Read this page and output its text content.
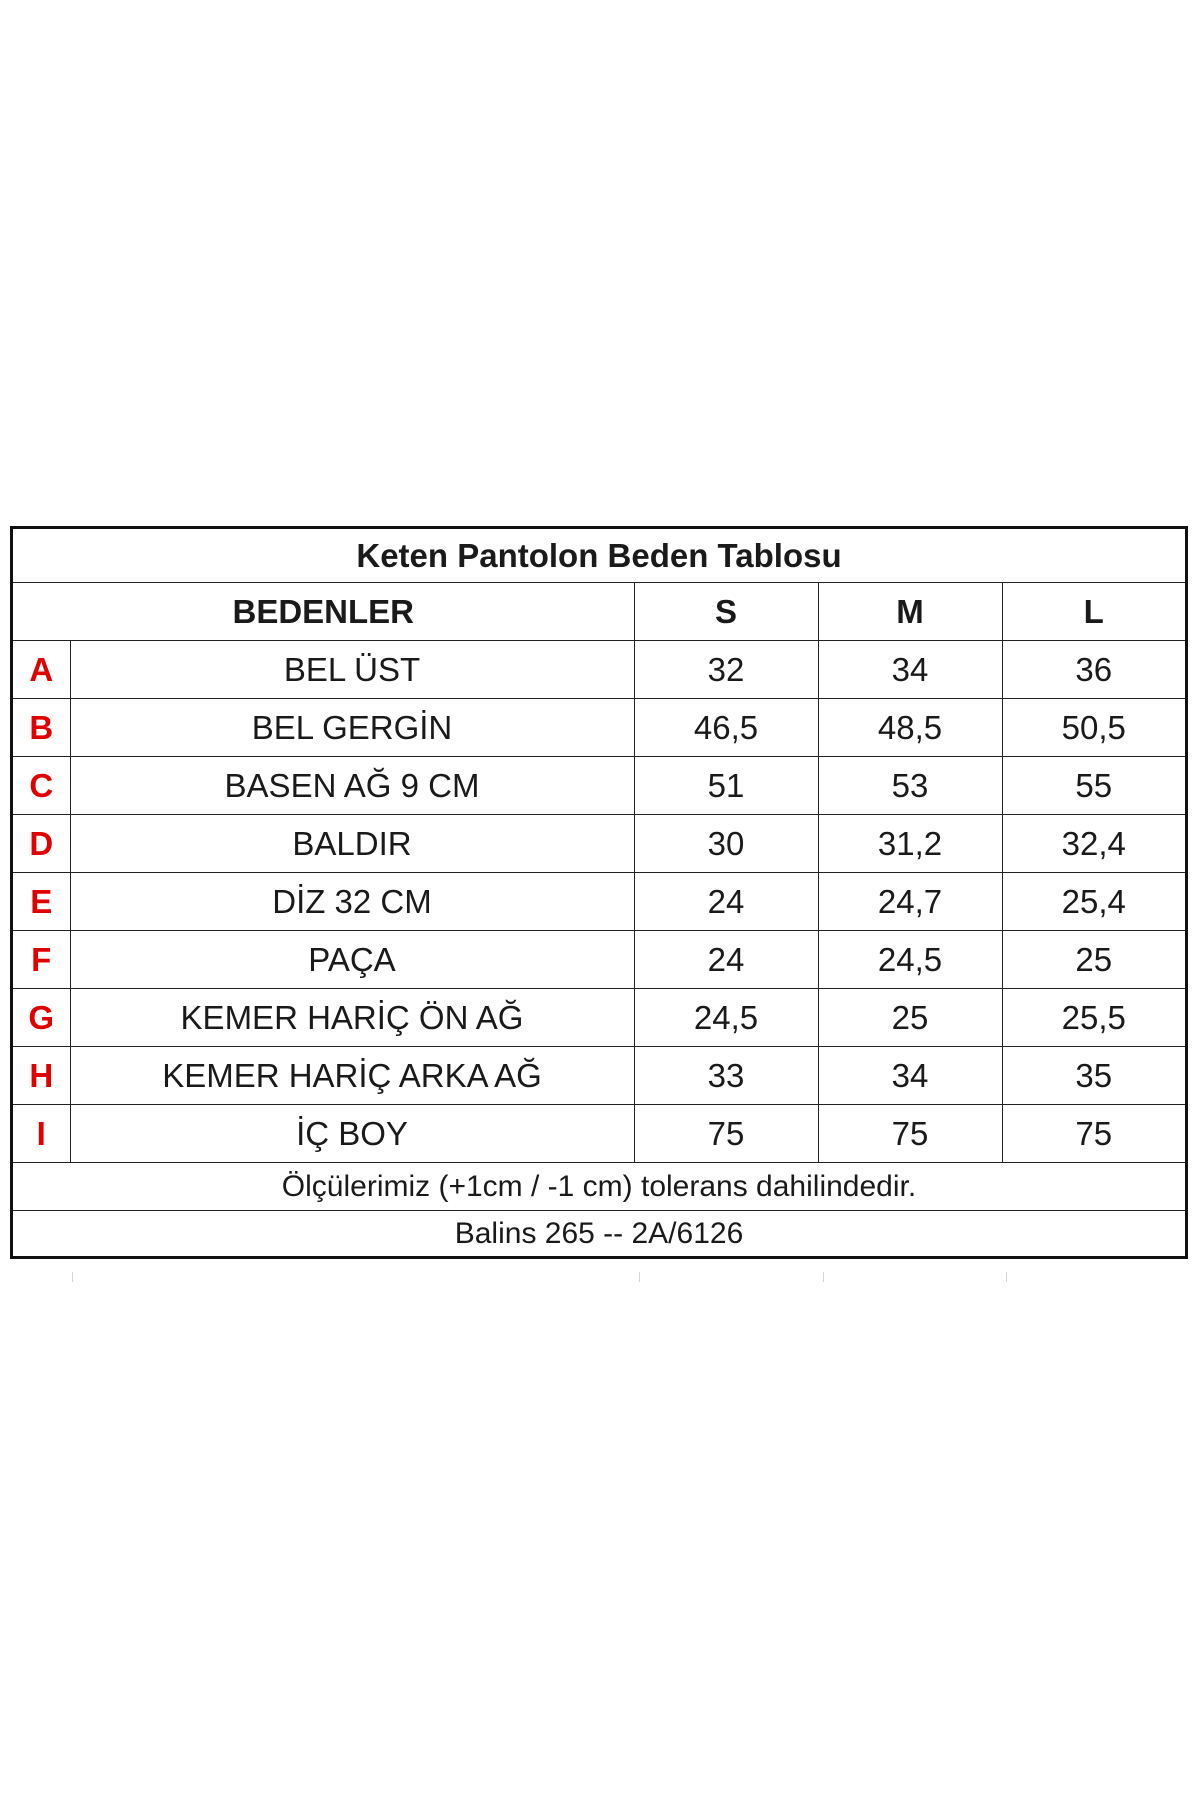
Keten Pantolon Beden Tablosu				
BEDENLER		S	M	L
A	BEL ÜST	32	34	36
B	BEL GERGİN	46,5	48,5	50,5
C	BASEN AĞ 9 CM	51	53	55
D	BALDIR	30	31,2	32,4
E	DİZ 32 CM	24	24,7	25,4
F	PAÇA	24	24,5	25
G	KEMER HARİÇ ÖN AĞ	24,5	25	25,5
H	KEMER HARİÇ ARKA AĞ	33	34	35
I	İÇ BOY	75	75	75
Ölçülerimiz (+1cm / -1 cm) tolerans dahilindedir.				
Balins 265 -- 2A/6126				
